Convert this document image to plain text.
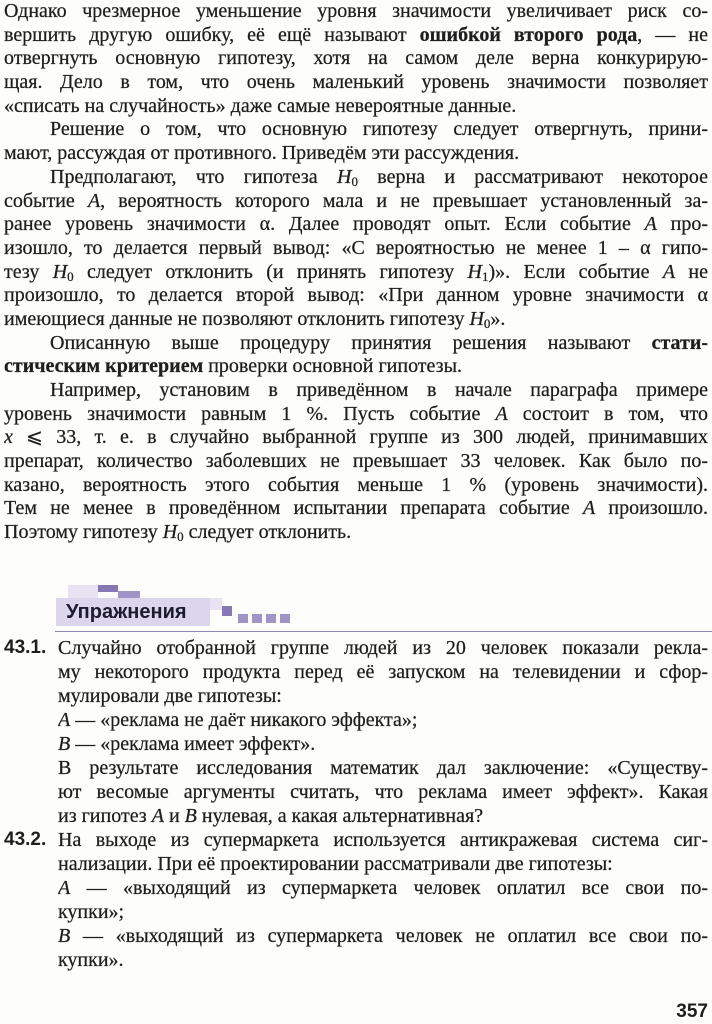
Однако чрезмерное уменьшение уровня значимости увеличивает риск со-
вершить другую ошибку, её ещё называют ошибкой второго рода, — не
отвергнуть основную гипотезу, хотя на самом деле верна конкурирую-
щая. Дело в том, что очень маленький уровень значимости позволяет
«списать на случайность» даже самые невероятные данные.
Решение о том, что основную гипотезу следует отвергнуть, прини-
мают, рассуждая от противного. Приведём эти рассуждения.
Предполагают, что гипотеза $H_0$ верна и рассматривают некоторое
событие A, вероятность которого мала и не превышает установленный за-
ранее уровень значимости α. Далее проводят опыт. Если событие A про-
изошло, то делается первый вывод: «С вероятностью не менее 1 – α гипо-
тезу $H_0$ следует отклонить (и принять гипотезу $H_1$)». Если событие A не
произошло, то делается второй вывод: «При данном уровне значимости α
имеющиеся данные не позволяют отклонить гипотезу $H_0$».
Описанную выше процедуру принятия решения называют стати-
стическим критерием проверки основной гипотезы.
Например, установим в приведённом в начале параграфа примере
уровень значимости равным 1 %. Пусть событие A состоит в том, что
x ⩽ 33, т. е. в случайно выбранной группе из 300 людей, принимавших
препарат, количество заболевших не превышает 33 человек. Как было по-
казано, вероятность этого события меньше 1 % (уровень значимости).
Тем не менее в проведённом испытании препарата событие A произошло.
Поэтому гипотезу $H_0$ следует отклонить.
Упражнения
43.1. Случайно отобранной группе людей из 20 человек показали рекла-
му некоторого продукта перед её запуском на телевидении и сфор-
мулировали две гипотезы:
A — «реклама не даёт никакого эффекта»;
B — «реклама имеет эффект».
В результате исследования математик дал заключение: «Существу-
ют весомые аргументы считать, что реклама имеет эффект». Какая
из гипотез A и B нулевая, а какая альтернативная?
43.2. На выходе из супермаркета используется антикражевая система сиг-
нализации. При её проектировании рассматривали две гипотезы:
A — «выходящий из супермаркета человек оплатил все свои по-
купки»;
B — «выходящий из супермаркета человек не оплатил все свои по-
купки».
357
